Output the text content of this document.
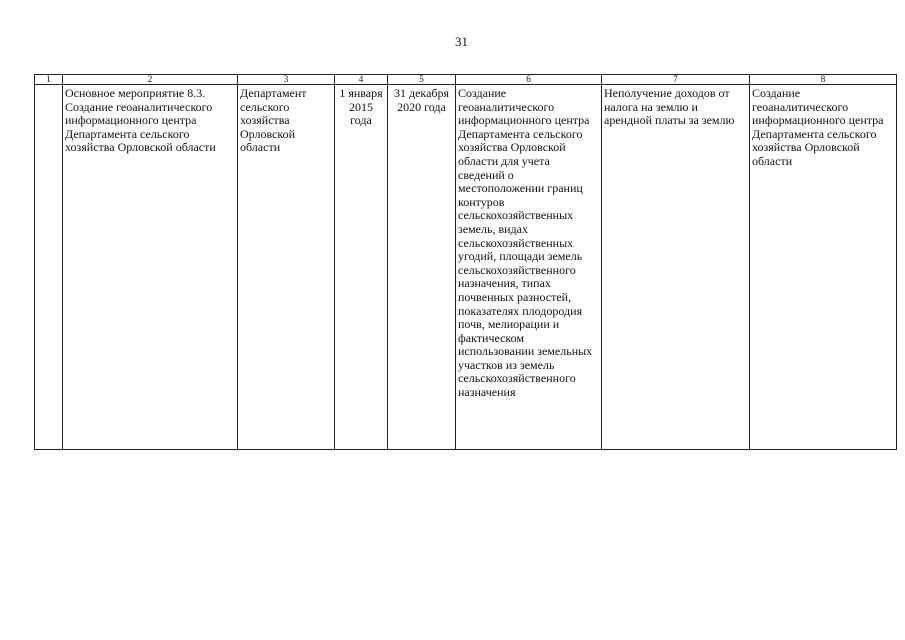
31
1	2	3	4	5	6	7	8
	Основное мероприятие 8.3. Создание геоаналитического информационного центра Департамента сельского хозяйства Орловской области	Департамент сельского хозяйства Орловской области	1 января 2015 года	31 декабря 2020 года	Создание геоаналитического информационного центра Департамента сельского хозяйства Орловской области для учета сведений о местоположении границ контуров сельскохозяйственных земель, видах сельскохозяйственных угодий, площади земель сельскохозяйственного назначения, типах почвенных разностей, показателях плодородия почв, мелиорации и фактическом использовании земельных участков из земель сельскохозяйственного назначения	Неполучение доходов от налога на землю и арендной платы за землю	Создание геоаналитического информационного центра Департамента сельского хозяйства Орловской области
